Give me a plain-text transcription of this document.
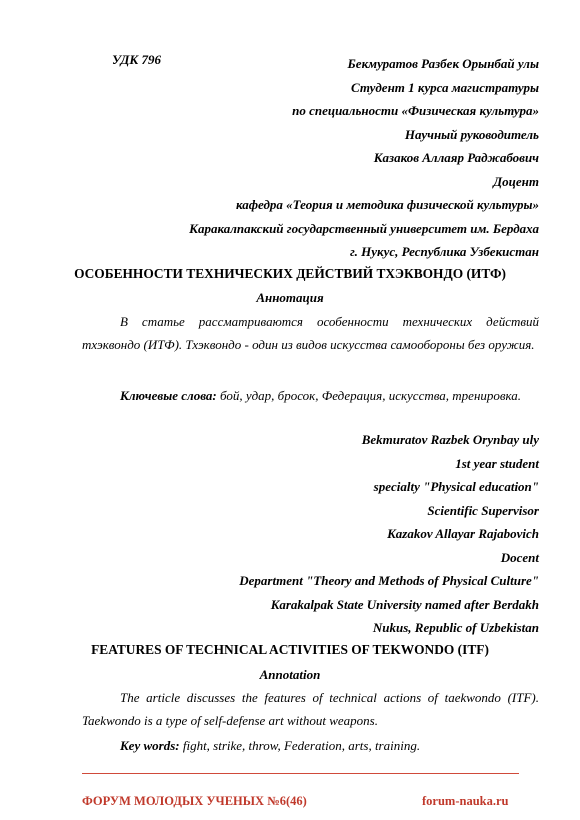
УДК 796	Бекмуратов Разбек Орынбай улы
Студент 1 курса магистратуры
по специальности «Физическая культура»
Научный руководитель
Казаков Аллаяр Раджабович
Доцент
кафедра «Теория и методика физической культуры»
Каракалпакский государственный университет им. Бердаха
г. Нукус, Республика Узбекистан
ОСОБЕННОСТИ ТЕХНИЧЕСКИХ ДЕЙСТВИЙ ТХЭКВОНДО (ИТФ)
Аннотация
В статье рассматриваются особенности технических действий тхэквондо (ИТФ). Тхэквондо - один из видов искусства самообороны без оружия.
Ключевые слова: бой, удар, бросок, Федерация, искусства, тренировка.
Bekmuratov Razbek Orynbay uly
1st year student
specialty "Physical education"
Scientific Supervisor
Kazakov Allayar Rajabovich
Docent
Department "Theory and Methods of Physical Culture"
Karakalpak State University named after Berdakh
Nukus, Republic of Uzbekistan
FEATURES OF TECHNICAL ACTIVITIES OF TEKWONDO (ITF)
Annotation
The article discusses the features of technical actions of taekwondo (ITF). Taekwondo is a type of self-defense art without weapons.
Key words: fight, strike, throw, Federation, arts, training.
ФОРУМ МОЛОДЫХ УЧЕНЫХ №6(46)	forum-nauka.ru
